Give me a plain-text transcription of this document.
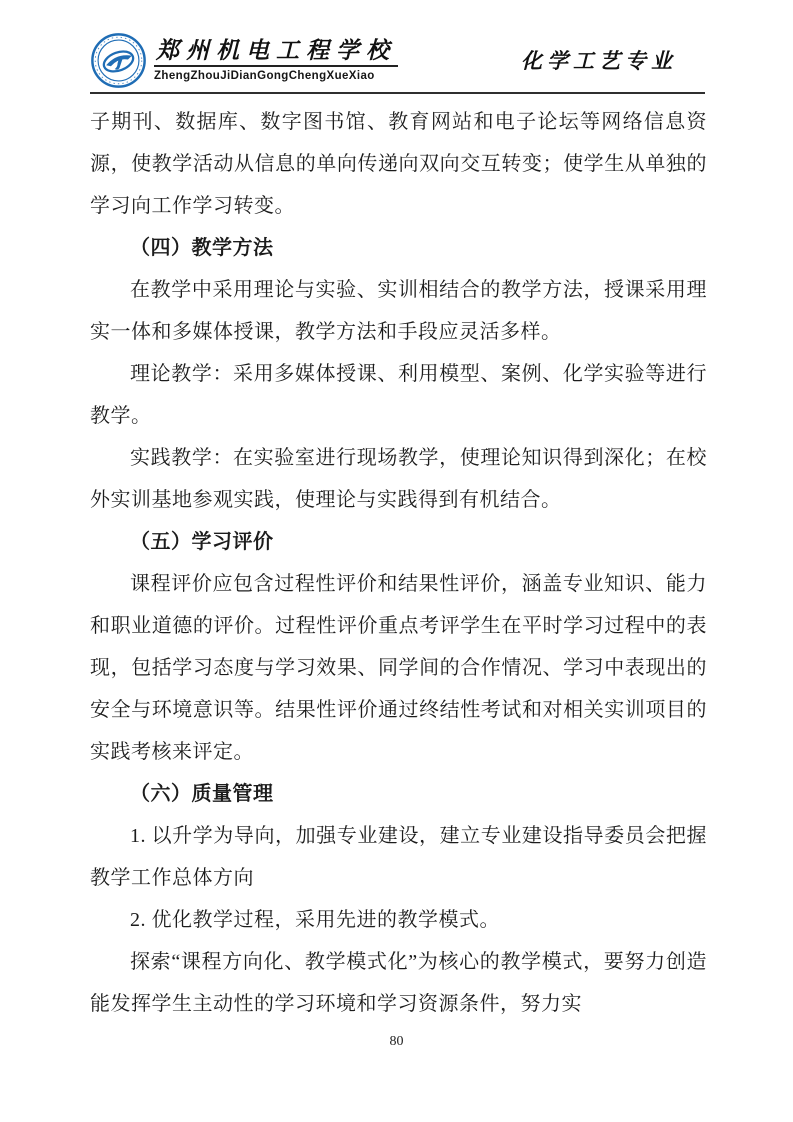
郑州机电工程学校
ZhengZhouJiDianGongChengXueXiao
化学工艺专业

子期刊、数据库、数字图书馆、教育网站和电子论坛等网络信息资源，使教学活动从信息的单向传递向双向交互转变；使学生从单独的学习向工作学习转变。

（四）教学方法

在教学中采用理论与实验、实训相结合的教学方法，授课采用理实一体和多媒体授课，教学方法和手段应灵活多样。

理论教学：采用多媒体授课、利用模型、案例、化学实验等进行教学。

实践教学：在实验室进行现场教学，使理论知识得到深化；在校外实训基地参观实践，使理论与实践得到有机结合。

（五）学习评价

课程评价应包含过程性评价和结果性评价，涵盖专业知识、能力和职业道德的评价。过程性评价重点考评学生在平时学习过程中的表现，包括学习态度与学习效果、同学间的合作情况、学习中表现出的安全与环境意识等。结果性评价通过终结性考试和对相关实训项目的实践考核来评定。

（六）质量管理

1. 以升学为导向，加强专业建设，建立专业建设指导委员会把握教学工作总体方向

2. 优化教学过程，采用先进的教学模式。

探索“课程方向化、教学模式化”为核心的教学模式，要努力创造能发挥学生主动性的学习环境和学习资源条件，努力实

80
